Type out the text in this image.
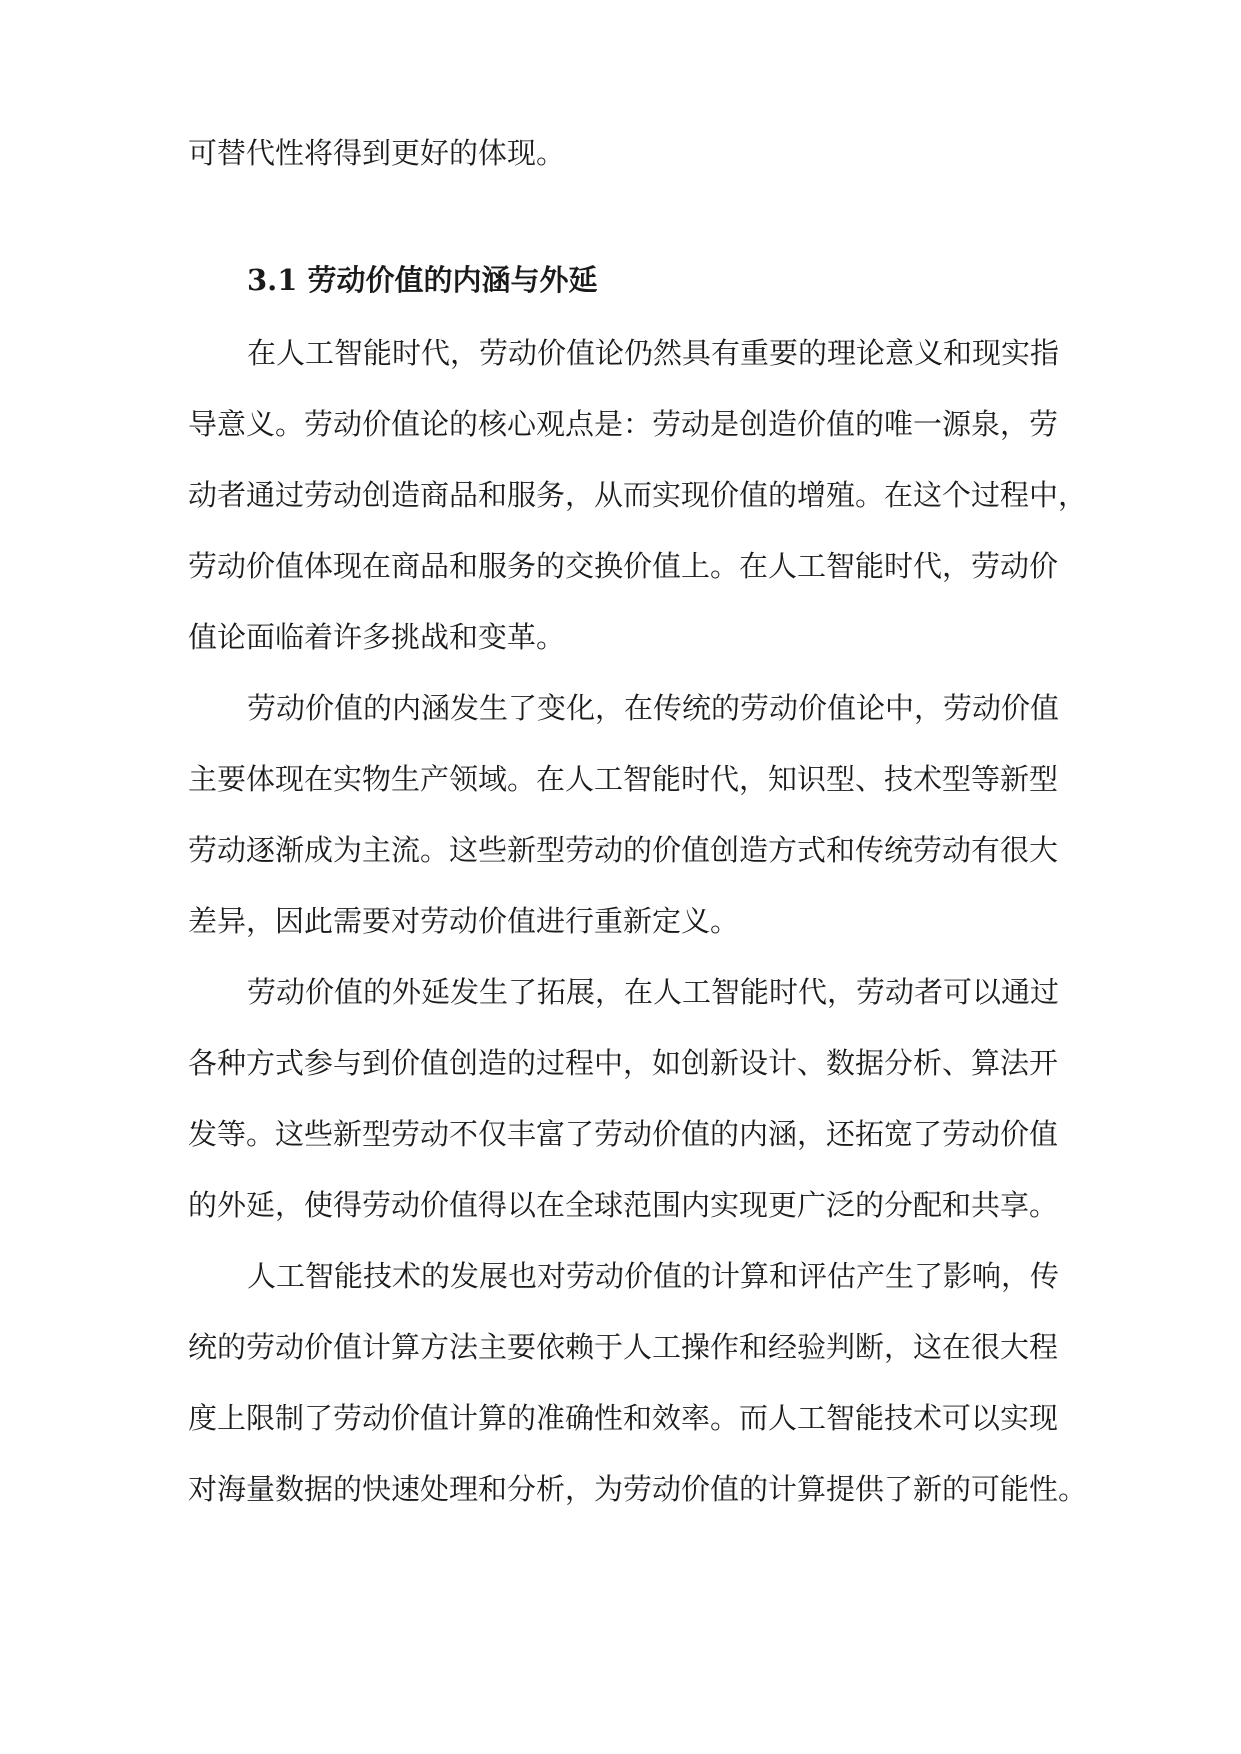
可替代性将得到更好的体现。
3.1 劳动价值的内涵与外延
在人工智能时代，劳动价值论仍然具有重要的理论意义和现实指
导意义。劳动价值论的核心观点是：劳动是创造价值的唯一源泉，劳
动者通过劳动创造商品和服务，从而实现价值的增殖。在这个过程中，
劳动价值体现在商品和服务的交换价值上。在人工智能时代，劳动价
值论面临着许多挑战和变革。
劳动价值的内涵发生了变化，在传统的劳动价值论中，劳动价值
主要体现在实物生产领域。在人工智能时代，知识型、技术型等新型
劳动逐渐成为主流。这些新型劳动的价值创造方式和传统劳动有很大
差异，因此需要对劳动价值进行重新定义。
劳动价值的外延发生了拓展，在人工智能时代，劳动者可以通过
各种方式参与到价值创造的过程中，如创新设计、数据分析、算法开
发等。这些新型劳动不仅丰富了劳动价值的内涵，还拓宽了劳动价值
的外延，使得劳动价值得以在全球范围内实现更广泛的分配和共享。
人工智能技术的发展也对劳动价值的计算和评估产生了影响，传
统的劳动价值计算方法主要依赖于人工操作和经验判断，这在很大程
度上限制了劳动价值计算的准确性和效率。而人工智能技术可以实现
对海量数据的快速处理和分析，为劳动价值的计算提供了新的可能性。
